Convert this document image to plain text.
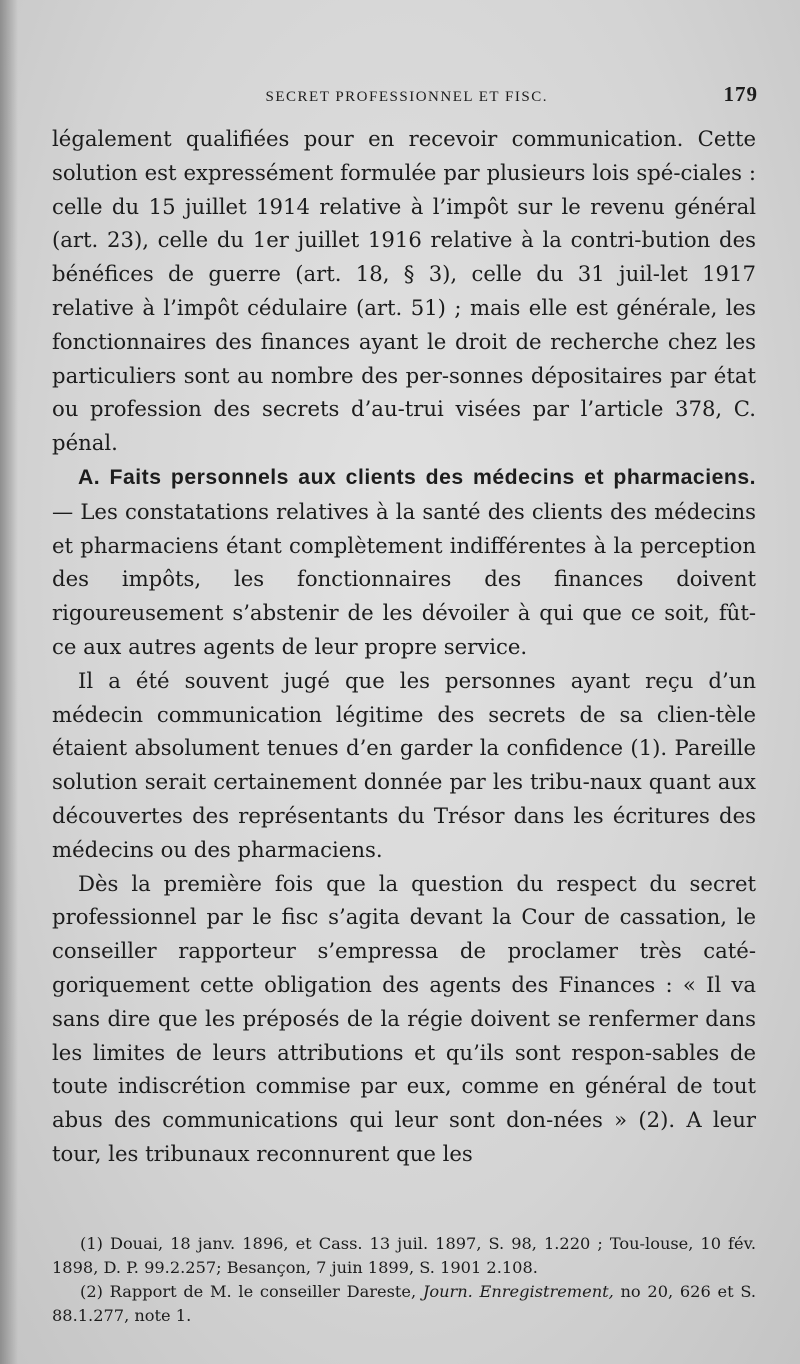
SECRET PROFESSIONNEL ET FISC.	179

légalement qualifiées pour en recevoir communication. Cette solution est expressément formulée par plusieurs lois spé-ciales : celle du 15 juillet 1914 relative à l’impôt sur le revenu général (art. 23), celle du 1er juillet 1916 relative à la contri-bution des bénéfices de guerre (art. 18, § 3), celle du 31 juil-let 1917 relative à l’impôt cédulaire (art. 51) ; mais elle est générale, les fonctionnaires des finances ayant le droit de recherche chez les particuliers sont au nombre des per-sonnes dépositaires par état ou profession des secrets d’au-trui visées par l’article 378, C. pénal.

A. Faits personnels aux clients des médecins et pharmaciens. — Les constatations relatives à la santé des clients des médecins et pharmaciens étant complètement indifférentes à la perception des impôts, les fonctionnaires des finances doivent rigoureusement s’abstenir de les dévoiler à qui que ce soit, fût-ce aux autres agents de leur propre service.

Il a été souvent jugé que les personnes ayant reçu d’un médecin communication légitime des secrets de sa clien-tèle étaient absolument tenues d’en garder la confidence (1). Pareille solution serait certainement donnée par les tribu-naux quant aux découvertes des représentants du Trésor dans les écritures des médecins ou des pharmaciens.

Dès la première fois que la question du respect du secret professionnel par le fisc s’agita devant la Cour de cassation, le conseiller rapporteur s’empressa de proclamer très caté-goriquement cette obligation des agents des Finances : « Il va sans dire que les préposés de la régie doivent se renfermer dans les limites de leurs attributions et qu’ils sont respon-sables de toute indiscrétion commise par eux, comme en général de tout abus des communications qui leur sont don-nées » (2). A leur tour, les tribunaux reconnurent que les

(1) Douai, 18 janv. 1896, et Cass. 13 juil. 1897, S. 98, 1.220 ; Tou-louse, 10 fév. 1898, D. P. 99.2.257; Besançon, 7 juin 1899, S. 1901 2.108.

(2) Rapport de M. le conseiller Dareste, Journ. Enregistrement, no 20, 626 et S. 88.1.277, note 1.
